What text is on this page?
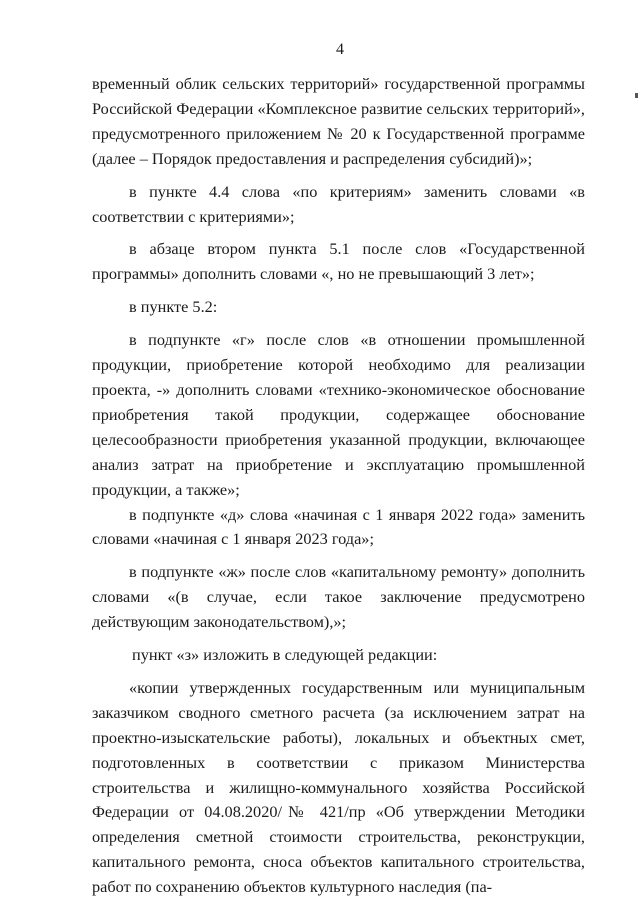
4

временный облик сельских территорий» государственной программы Российской Федерации «Комплексное развитие сельских территорий», предусмотренного приложением № 20 к Государственной программе (далее – Порядок предоставления и распределения субсидий)»;

в пункте 4.4 слова «по критериям» заменить словами «в соответствии с критериями»;

в абзаце втором пункта 5.1 после слов «Государственной программы» дополнить словами «, но не превышающий 3 лет»;

в пункте 5.2:

в подпункте «г» после слов «в отношении промышленной продукции, приобретение которой необходимо для реализации проекта, -» дополнить словами «технико-экономическое обоснование приобретения такой продукции, содержащее обоснование целесообразности приобретения указанной продукции, включающее анализ затрат на приобретение и эксплуатацию промышленной продукции, а также»;

в подпункте «д» слова «начиная с 1 января 2022 года» заменить словами «начиная с 1 января 2023 года»;

в подпункте «ж» после слов «капитальному ремонту» дополнить словами «(в случае, если такое заключение предусмотрено действующим законодательством),»;

пункт «з» изложить в следующей редакции:

«копии утвержденных государственным или муниципальным заказчиком сводного сметного расчета (за исключением затрат на проектно-изыскательские работы), локальных и объектных смет, подготовленных в соответствии с приказом Министерства строительства и жилищно-коммунального хозяйства Российской Федерации от 04.08.2020/№ 421/пр «Об утверждении Методики определения сметной стоимости строительства, реконструкции, капитального ремонта, сноса объектов капитального строительства, работ по сохранению объектов культурного наследия (па-
